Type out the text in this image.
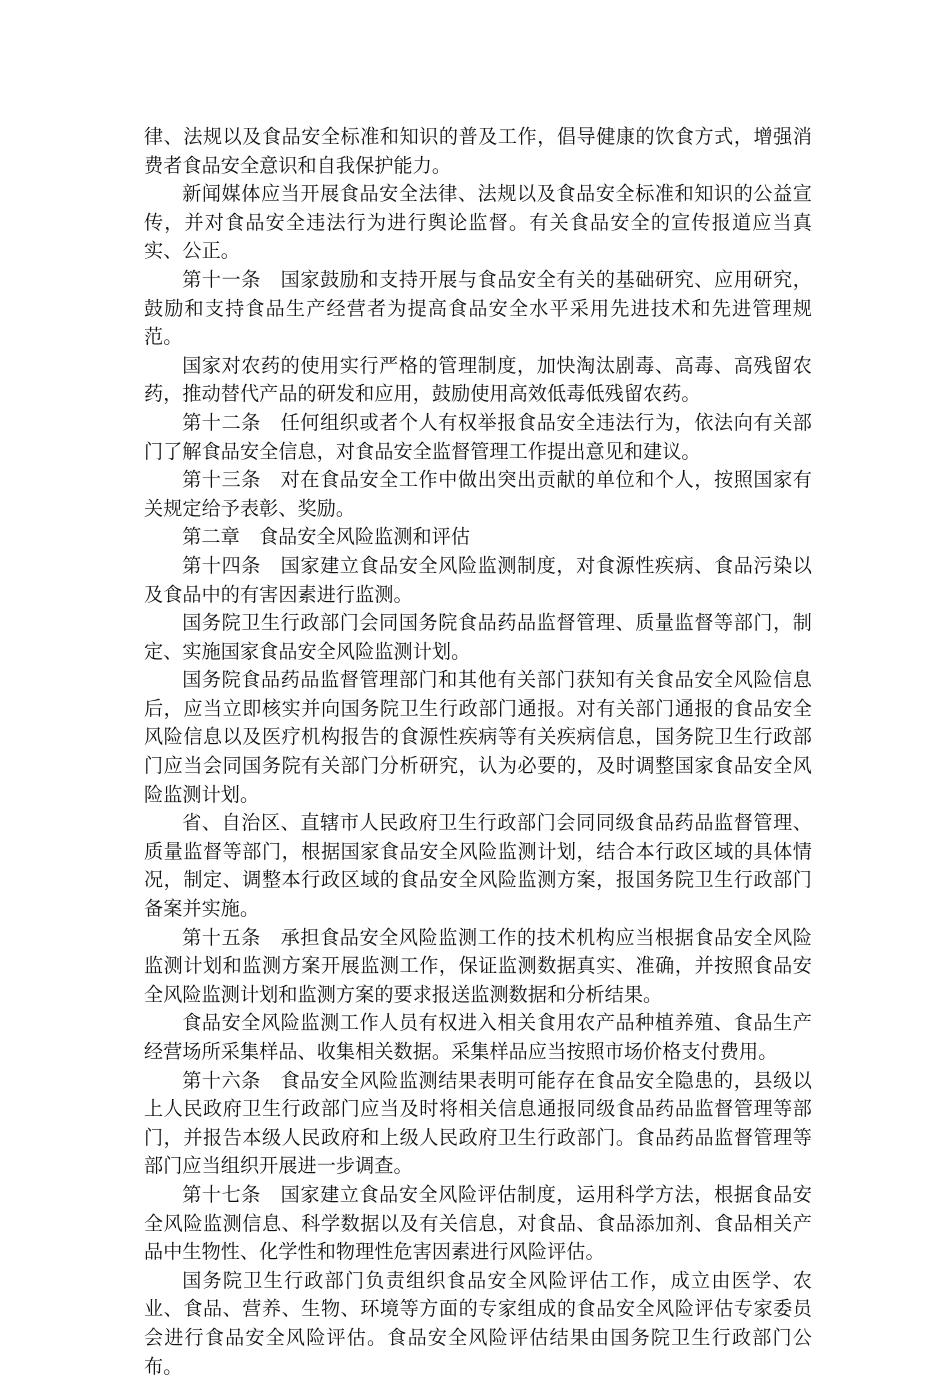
律、法规以及食品安全标准和知识的普及工作，倡导健康的饮食方式，增强消费者食品安全意识和自我保护能力。

新闻媒体应当开展食品安全法律、法规以及食品安全标准和知识的公益宣传，并对食品安全违法行为进行舆论监督。有关食品安全的宣传报道应当真实、公正。

第十一条　国家鼓励和支持开展与食品安全有关的基础研究、应用研究，鼓励和支持食品生产经营者为提高食品安全水平采用先进技术和先进管理规范。

国家对农药的使用实行严格的管理制度，加快淘汰剧毒、高毒、高残留农药，推动替代产品的研发和应用，鼓励使用高效低毒低残留农药。

第十二条　任何组织或者个人有权举报食品安全违法行为，依法向有关部门了解食品安全信息，对食品安全监督管理工作提出意见和建议。

第十三条　对在食品安全工作中做出突出贡献的单位和个人，按照国家有关规定给予表彰、奖励。

第二章　食品安全风险监测和评估

第十四条　国家建立食品安全风险监测制度，对食源性疾病、食品污染以及食品中的有害因素进行监测。

国务院卫生行政部门会同国务院食品药品监督管理、质量监督等部门，制定、实施国家食品安全风险监测计划。

国务院食品药品监督管理部门和其他有关部门获知有关食品安全风险信息后，应当立即核实并向国务院卫生行政部门通报。对有关部门通报的食品安全风险信息以及医疗机构报告的食源性疾病等有关疾病信息，国务院卫生行政部门应当会同国务院有关部门分析研究，认为必要的，及时调整国家食品安全风险监测计划。

省、自治区、直辖市人民政府卫生行政部门会同同级食品药品监督管理、质量监督等部门，根据国家食品安全风险监测计划，结合本行政区域的具体情况，制定、调整本行政区域的食品安全风险监测方案，报国务院卫生行政部门备案并实施。

第十五条　承担食品安全风险监测工作的技术机构应当根据食品安全风险监测计划和监测方案开展监测工作，保证监测数据真实、准确，并按照食品安全风险监测计划和监测方案的要求报送监测数据和分析结果。

食品安全风险监测工作人员有权进入相关食用农产品种植养殖、食品生产经营场所采集样品、收集相关数据。采集样品应当按照市场价格支付费用。

第十六条　食品安全风险监测结果表明可能存在食品安全隐患的，县级以上人民政府卫生行政部门应当及时将相关信息通报同级食品药品监督管理等部门，并报告本级人民政府和上级人民政府卫生行政部门。食品药品监督管理等部门应当组织开展进一步调查。

第十七条　国家建立食品安全风险评估制度，运用科学方法，根据食品安全风险监测信息、科学数据以及有关信息，对食品、食品添加剂、食品相关产品中生物性、化学性和物理性危害因素进行风险评估。

国务院卫生行政部门负责组织食品安全风险评估工作，成立由医学、农业、食品、营养、生物、环境等方面的专家组成的食品安全风险评估专家委员会进行食品安全风险评估。食品安全风险评估结果由国务院卫生行政部门公布。
